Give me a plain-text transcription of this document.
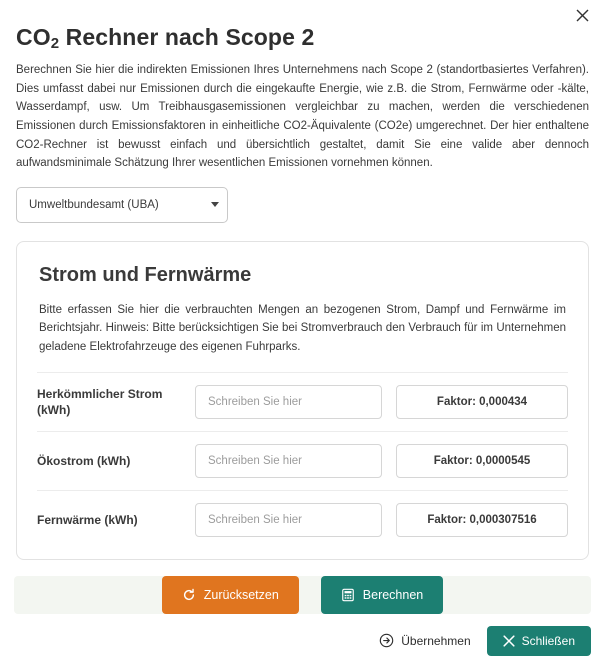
$CO_2$ Rechner nach Scope 2
Berechnen Sie hier die indirekten Emissionen Ihres Unternehmens nach Scope 2 (standortbasiertes Verfahren). Dies umfasst dabei nur Emissionen durch die eingekaufte Energie, wie z.B. die Strom, Fernwärme oder -kälte, Wasserdampf, usw. Um Treibhausgasemissionen vergleichbar zu machen, werden die verschiedenen Emissionen durch Emissionsfaktoren in einheitliche CO2-Äquivalente (CO2e) umgerechnet. Der hier enthaltene CO2-Rechner ist bewusst einfach und übersichtlich gestaltet, damit Sie eine valide aber dennoch aufwandsminimale Schätzung Ihrer wesentlichen Emissionen vornehmen können.
Umweltbundesamt (UBA)
Strom und Fernwärme
Bitte erfassen Sie hier die verbrauchten Mengen an bezogenen Strom, Dampf und Fernwärme im Berichtsjahr. Hinweis: Bitte berücksichtigen Sie bei Stromverbrauch den Verbrauch für im Unternehmen geladene Elektrofahrzeuge des eigenen Fuhrparks.
Herkömmlicher Strom (kWh)
Schreiben Sie hier
Faktor: 0,000434
Ökostrom (kWh)
Schreiben Sie hier	Faktor: 0,0000545
Fernwärme (kWh)
Schreiben Sie hier	Faktor: 0,000307516
Zurücksetzen	Berechnen
Übernehmen	Schließen
